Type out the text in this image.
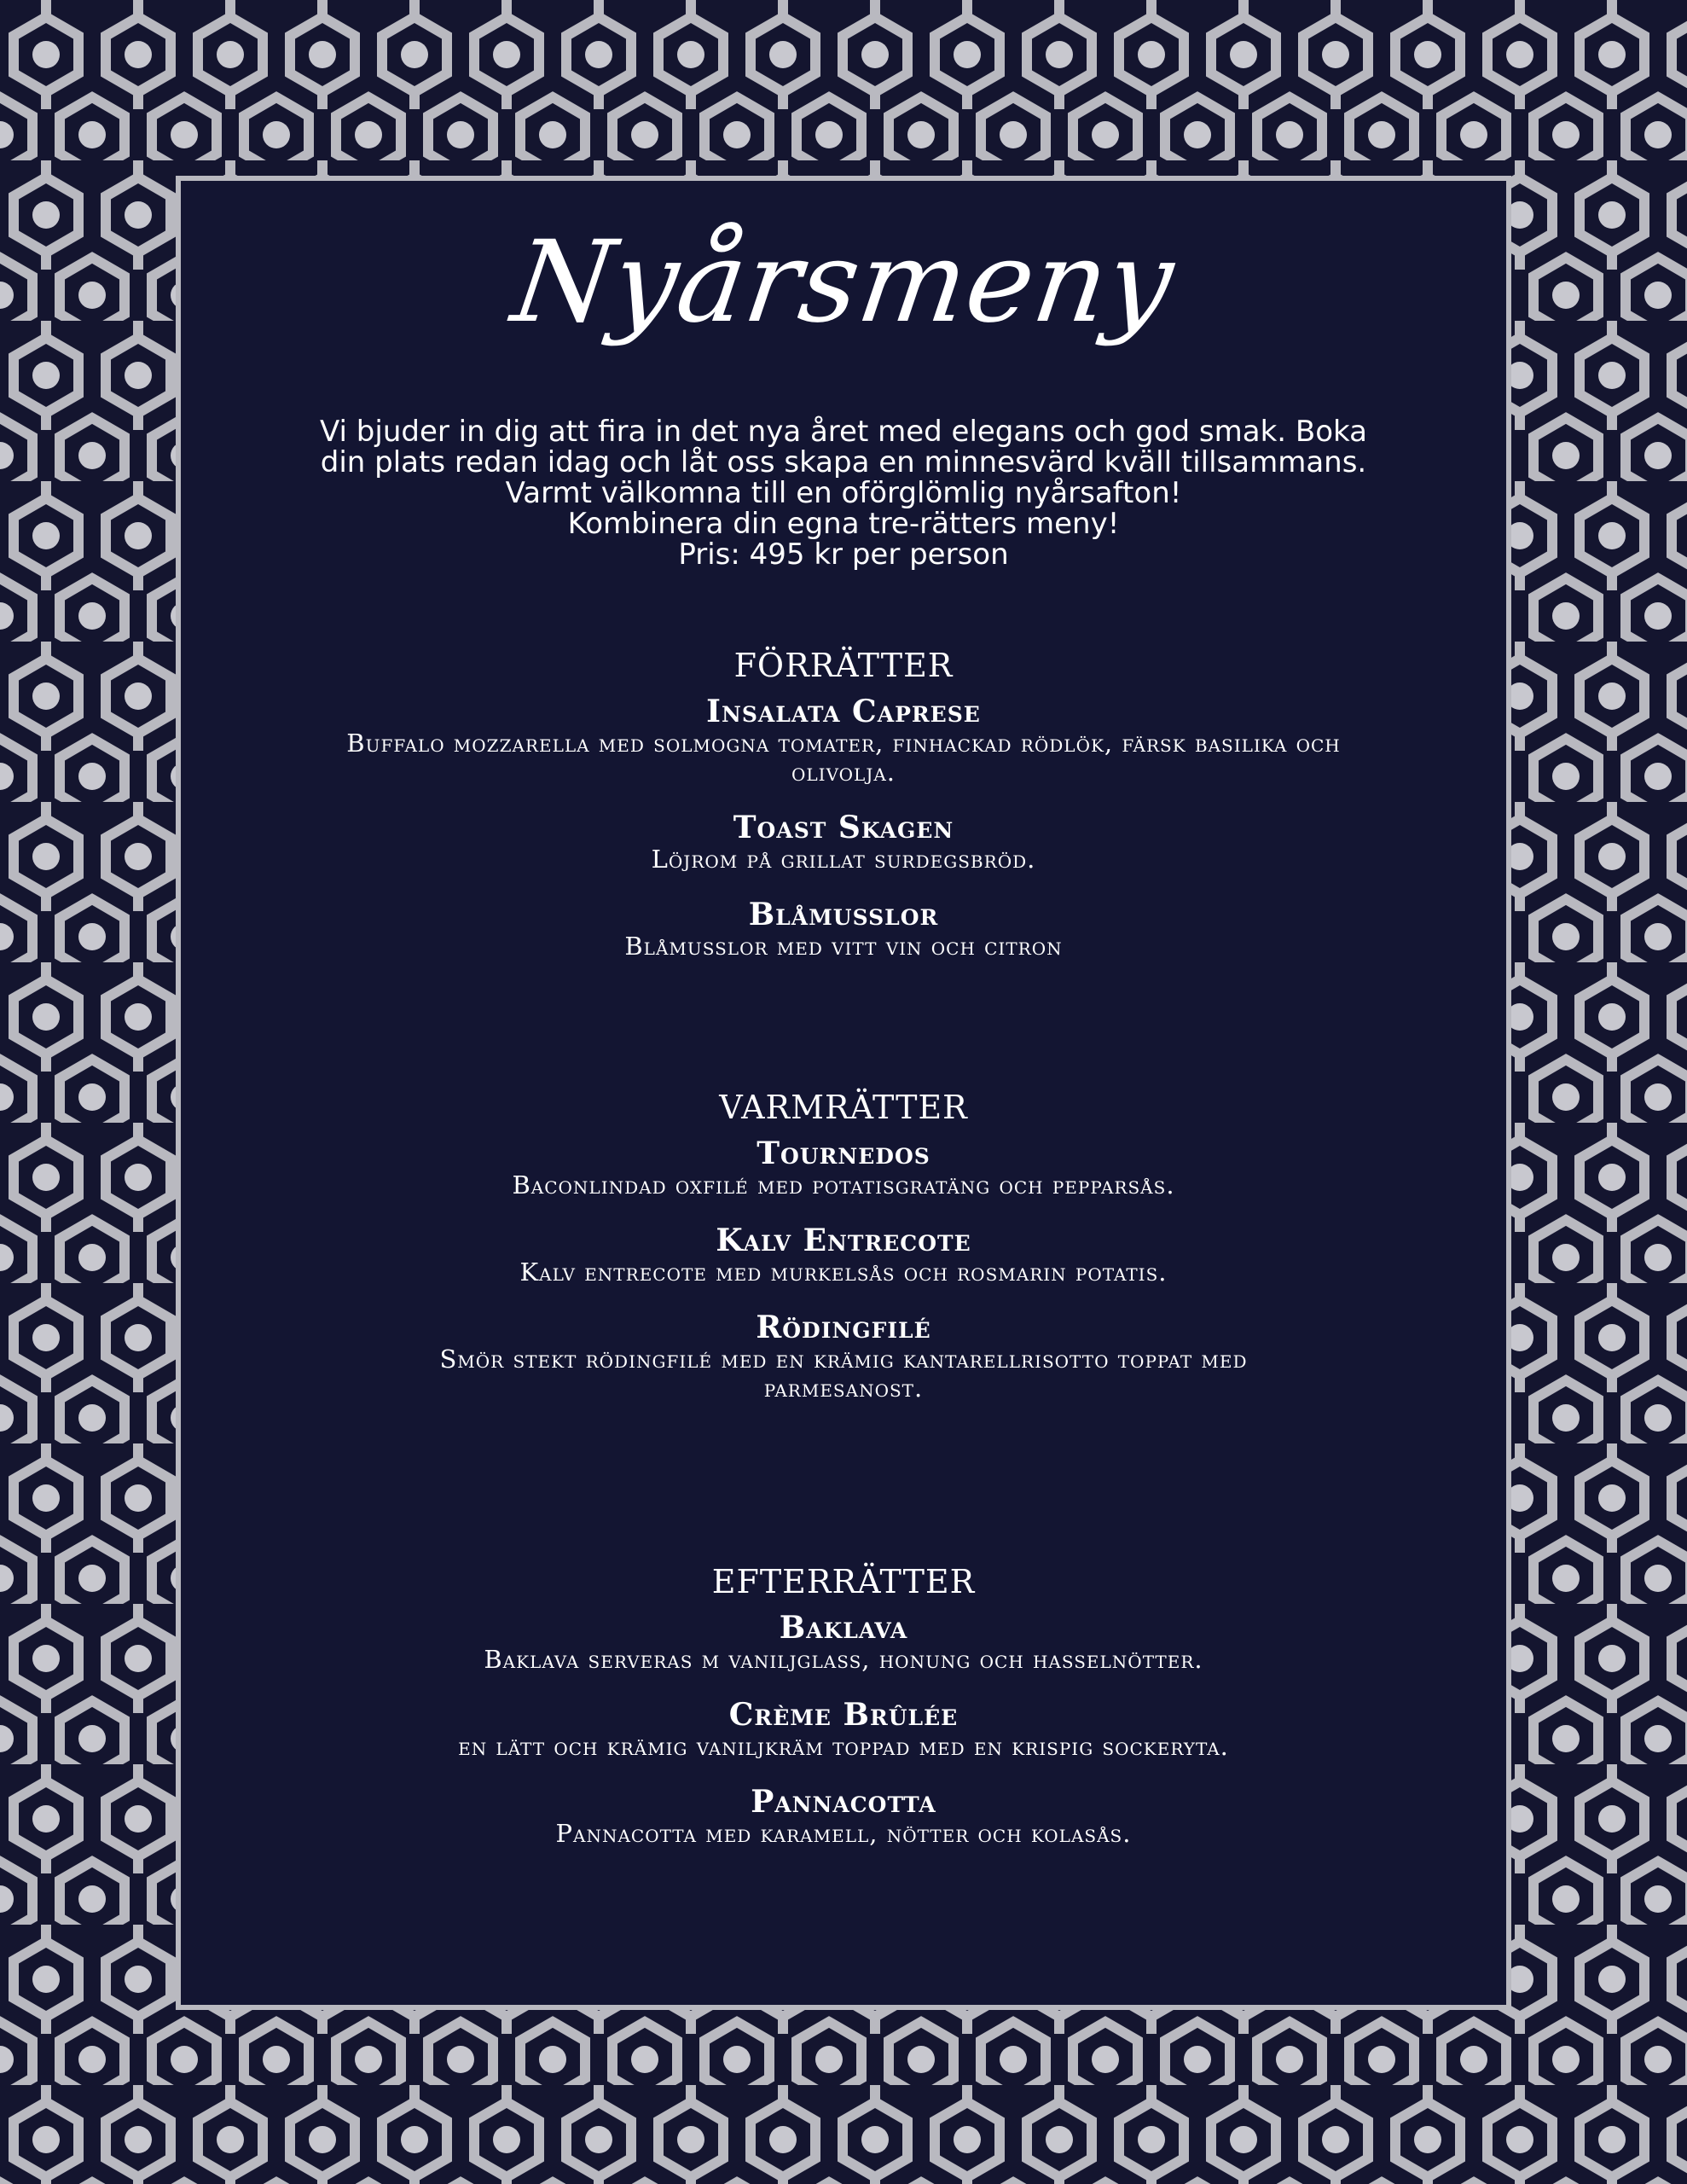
Nyårsmeny

Vi bjuder in dig att fira in det nya året med elegans och god smak. Boka din plats redan idag och låt oss skapa en minnesvärd kväll tillsammans. Varmt välkomna till en oförglömlig nyårsafton!

Kombinera din egna tre-rätters meny!

Pris: 495 kr per person

FÖRRÄTTER
Insalata Caprese
Buffalo mozzarella med solmogna tomater, finhackad rödlök, färsk basilika och olivolja.
Toast Skagen
Löjrom på grillat surdegsbröd.
Blåmusslor
Blåmusslor med vitt vin och citron
VARMRÄTTER
Tournedos
Baconlindad oxfilé med potatisgratäng och pepparsås.
Kalv Entrecote
Kalv entrecote med murkelsås och rosmarin potatis.
Rödingfilé
Smör stekt rödingfilé med en krämig kantarellrisotto toppat med parmesanost.
EFTERRÄTTER
Baklava
Baklava serveras m vaniljglass, honung och hasselnötter.
Crème Brûlée
en lätt och krämig vaniljkräm toppad med en krispig sockeryta.
Pannacotta
Pannacotta med karamell, nötter och kolasås.
